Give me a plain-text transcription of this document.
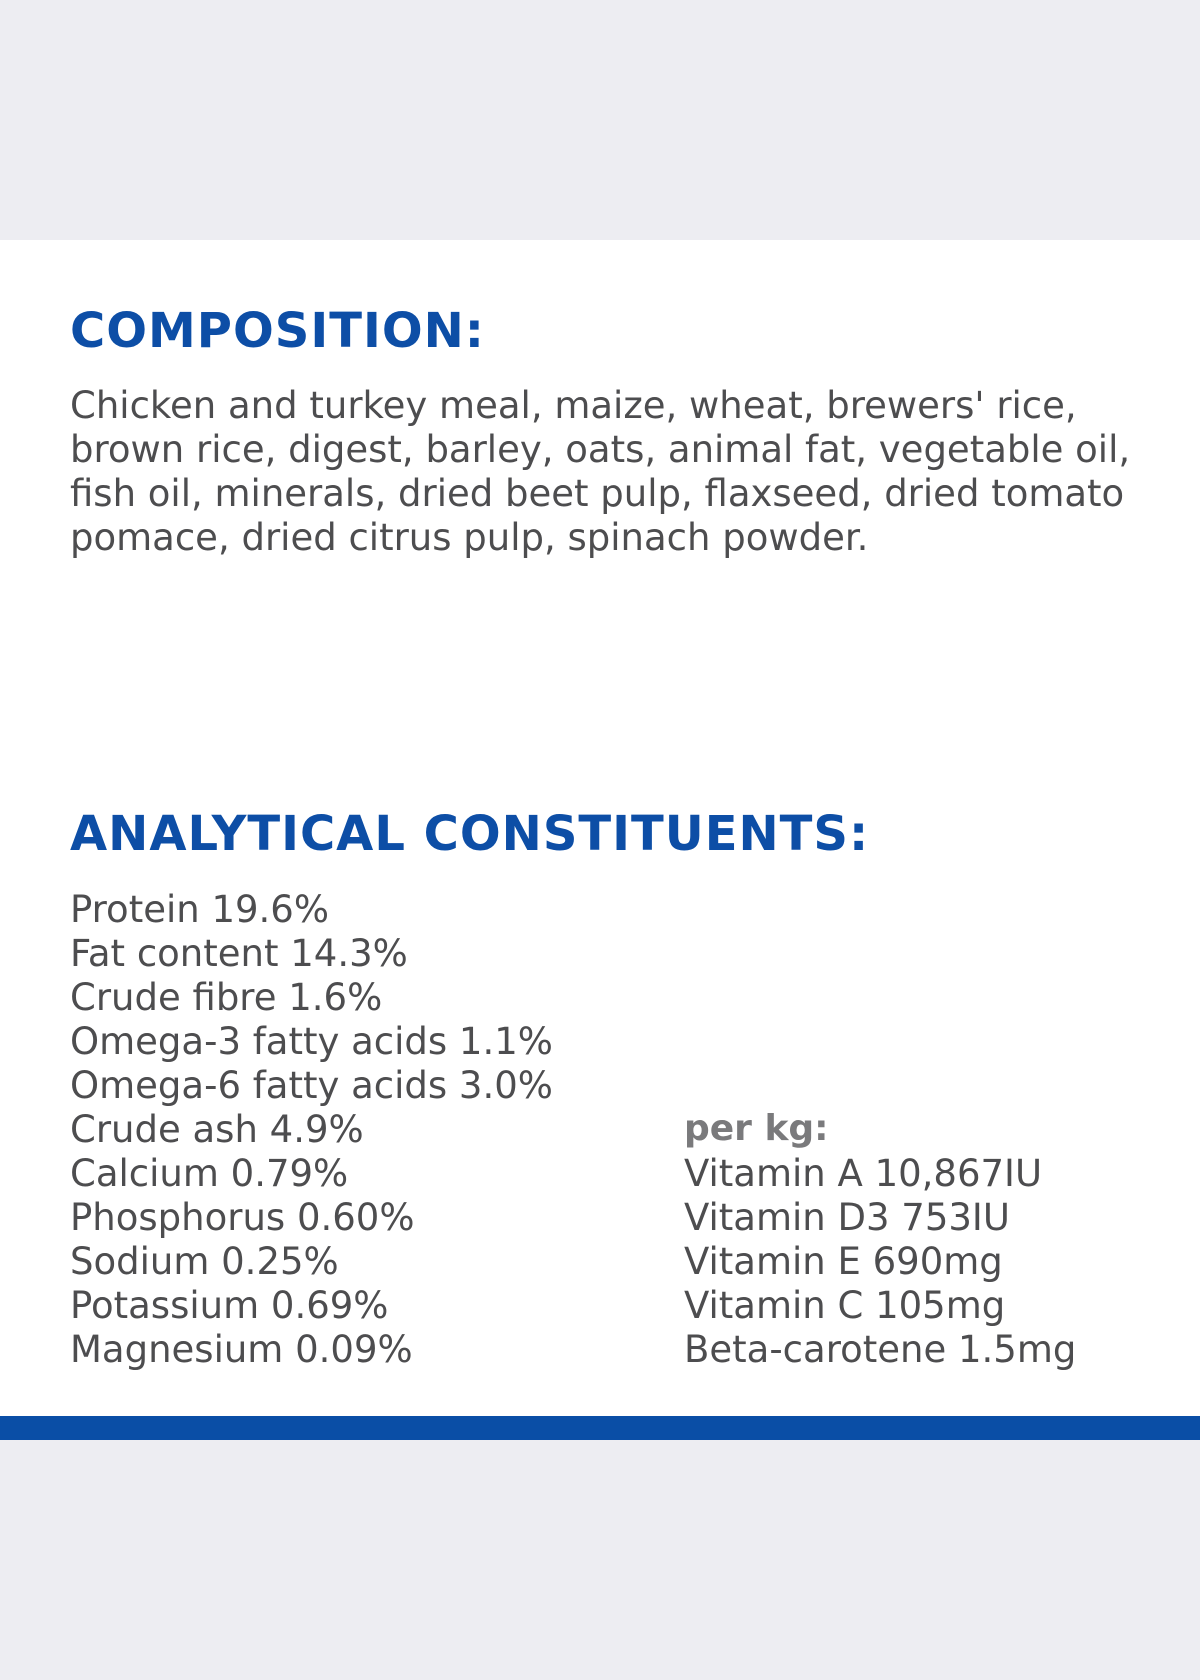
COMPOSITION:

Chicken and turkey meal, maize, wheat, brewers' rice, brown rice, digest, barley, oats, animal fat, vegetable oil, fish oil, minerals, dried beet pulp, flaxseed, dried tomato pomace, dried citrus pulp, spinach powder.

ANALYTICAL CONSTITUENTS:
Protein 19.6%
Fat content 14.3%
Crude fibre 1.6%
Omega-3 fatty acids 1.1%
Omega-6 fatty acids 3.0%
Crude ash 4.9%
Calcium 0.79%
Phosphorus 0.60%
Sodium 0.25%
Potassium 0.69%
Magnesium 0.09%

per kg:

Vitamin A 10,867IU
Vitamin D3 753IU
Vitamin E 690mg
Vitamin C 105mg
Beta-carotene 1.5mg
